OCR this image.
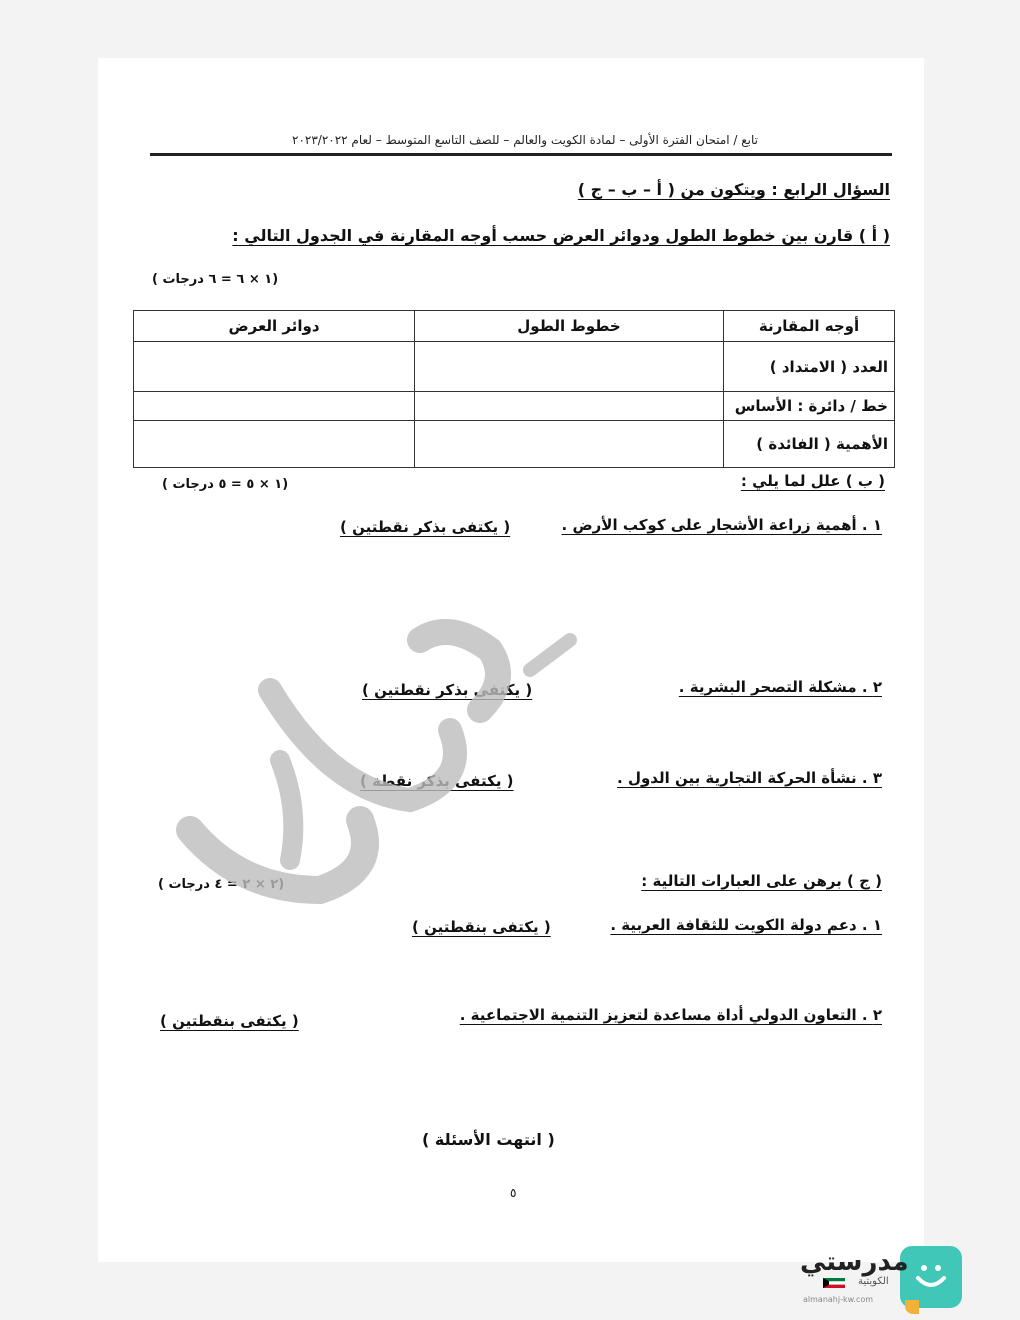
تابع / امتحان الفترة الأولى – لمادة الكويت والعالم – للصف التاسع المتوسط – لعام ٢٠٢٣/٢٠٢٢
السؤال الرابع : ويتكون من ( أ – ب – ج )
( أ ) قارن بين خطوط الطول ودوائر العرض حسب أوجه المقارنة في الجدول التالي :
(١ × ٦ = ٦ درجات )
أوجه المقارنة	خطوط الطول	دوائر العرض
العدد ( الامتداد )		
خط / دائرة : الأساس		
الأهمية ( الفائدة )		
( ب ) علل لما يلي :
(١ × ٥ = ٥ درجات )
١ . أهمية زراعة الأشجار على كوكب الأرض .
( يكتفى بذكر نقطتين )
٢ . مشكلة التصحر البشرية .
( يكتفى بذكر نقطتين )
٣ . نشأة الحركة التجارية بين الدول .
( يكتفى بذكر نقطة )
( ج ) برهن على العبارات التالية :
(٢ × ٢ = ٤ درجات )
١ . دعم دولة الكويت للثقافة العربية .
( يكتفى بنقطتين )
٢ . التعاون الدولي أداة مساعدة لتعزيز التنمية الاجتماعية .
( يكتفى بنقطتين )
( انتهت الأسئلة )
٥
مدرستي
الكويتية
almanahj-kw.com
